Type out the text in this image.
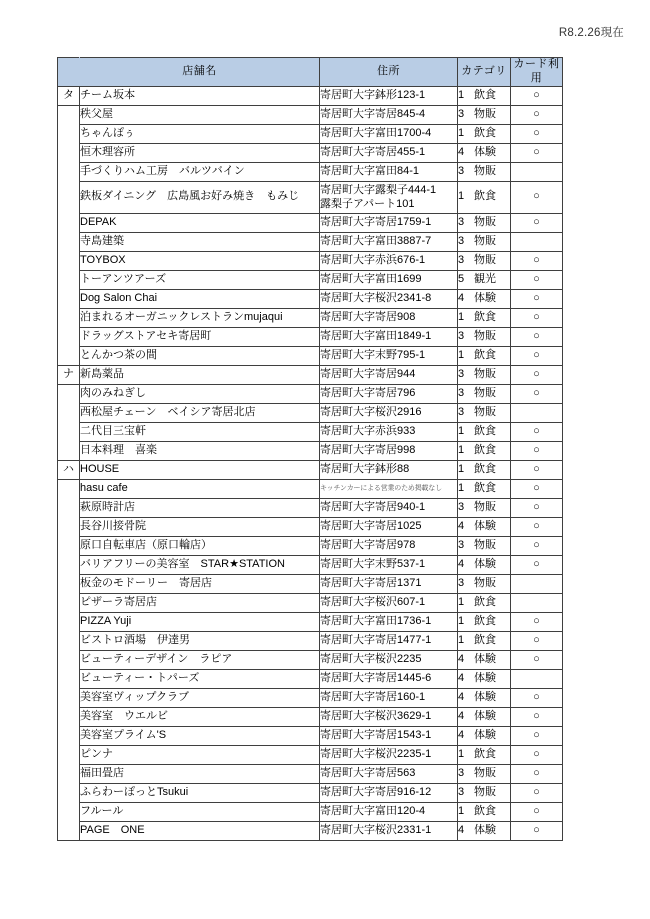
R8.2.26現在
	店舗名	住所	カテゴリ	カード利用
タ	チーム坂本	寄居町大字鉢形123-1	1 飲食	○
	秩父屋	寄居町大字寄居845-4	3 物販	○
	ちゃんぽぅ	寄居町大字富田1700-4	1 飲食	○
	恒木理容所	寄居町大字寄居455-1	4 体験	○
	手づくりハム工房　バルツバイン	寄居町大字富田84-1	3 物販	
	鉄板ダイニング　広島風お好み焼き　もみじ	寄居町大字露梨子444-1
露梨子アパート101	1 飲食	○
	DEPAK	寄居町大字寄居1759-1	3 物販	○
	寺島建築	寄居町大字富田3887-7	3 物販	
	TOYBOX	寄居町大字赤浜676-1	3 物販	○
	トーアンツアーズ	寄居町大字富田1699	5 観光	○
	Dog Salon Chai	寄居町大字桜沢2341-8	4 体験	○
	泊まれるオーガニックレストランmujaqui	寄居町大字寄居908	1 飲食	○
	ドラッグストアセキ寄居町	寄居町大字富田1849-1	3 物販	○
	とんかつ茶の間	寄居町大字末野795-1	1 飲食	○
ナ	新島薬品	寄居町大字寄居944	3 物販	○
	肉のみねぎし	寄居町大字寄居796	3 物販	○
	西松屋チェーン　ベイシア寄居北店	寄居町大字桜沢2916	3 物販	
	二代目三宝軒	寄居町大字赤浜933	1 飲食	○
	日本料理　喜楽	寄居町大字寄居998	1 飲食	○
ハ	HOUSE	寄居町大字鉢形88	1 飲食	○
	hasu cafe	キッチンカーによる営業のため掲載なし	1 飲食	○
	萩原時計店	寄居町大字寄居940-1	3 物販	○
	長谷川接骨院	寄居町大字寄居1025	4 体験	○
	原口自転車店（原口輪店）	寄居町大字寄居978	3 物販	○
	バリアフリーの美容室　STAR★STATION	寄居町大字末野537-1	4 体験	○
	板金のモドーリー　寄居店	寄居町大字寄居1371	3 物販	
	ピザーラ寄居店	寄居町大字桜沢607-1	1 飲食	
	PIZZA Yuji	寄居町大字富田1736-1	1 飲食	○
	ビストロ酒場　伊達男	寄居町大字寄居1477-1	1 飲食	○
	ビューティーデザイン　ラピア	寄居町大字桜沢2235	4 体験	○
	ビューティー・トパーズ	寄居町大字寄居1445-6	4 体験	
	美容室ヴィップクラブ	寄居町大字寄居160-1	4 体験	○
	美容室　ウエルビ	寄居町大字桜沢3629-1	4 体験	○
	美容室プライム'S	寄居町大字寄居1543-1	4 体験	○
	ピンナ	寄居町大字桜沢2235-1	1 飲食	○
	福田畳店	寄居町大字寄居563	3 物販	○
	ふらわーぽっとTsukui	寄居町大字寄居916-12	3 物販	○
	フルール	寄居町大字富田120-4	1 飲食	○
	PAGE　ONE	寄居町大字桜沢2331-1	4 体験	○
